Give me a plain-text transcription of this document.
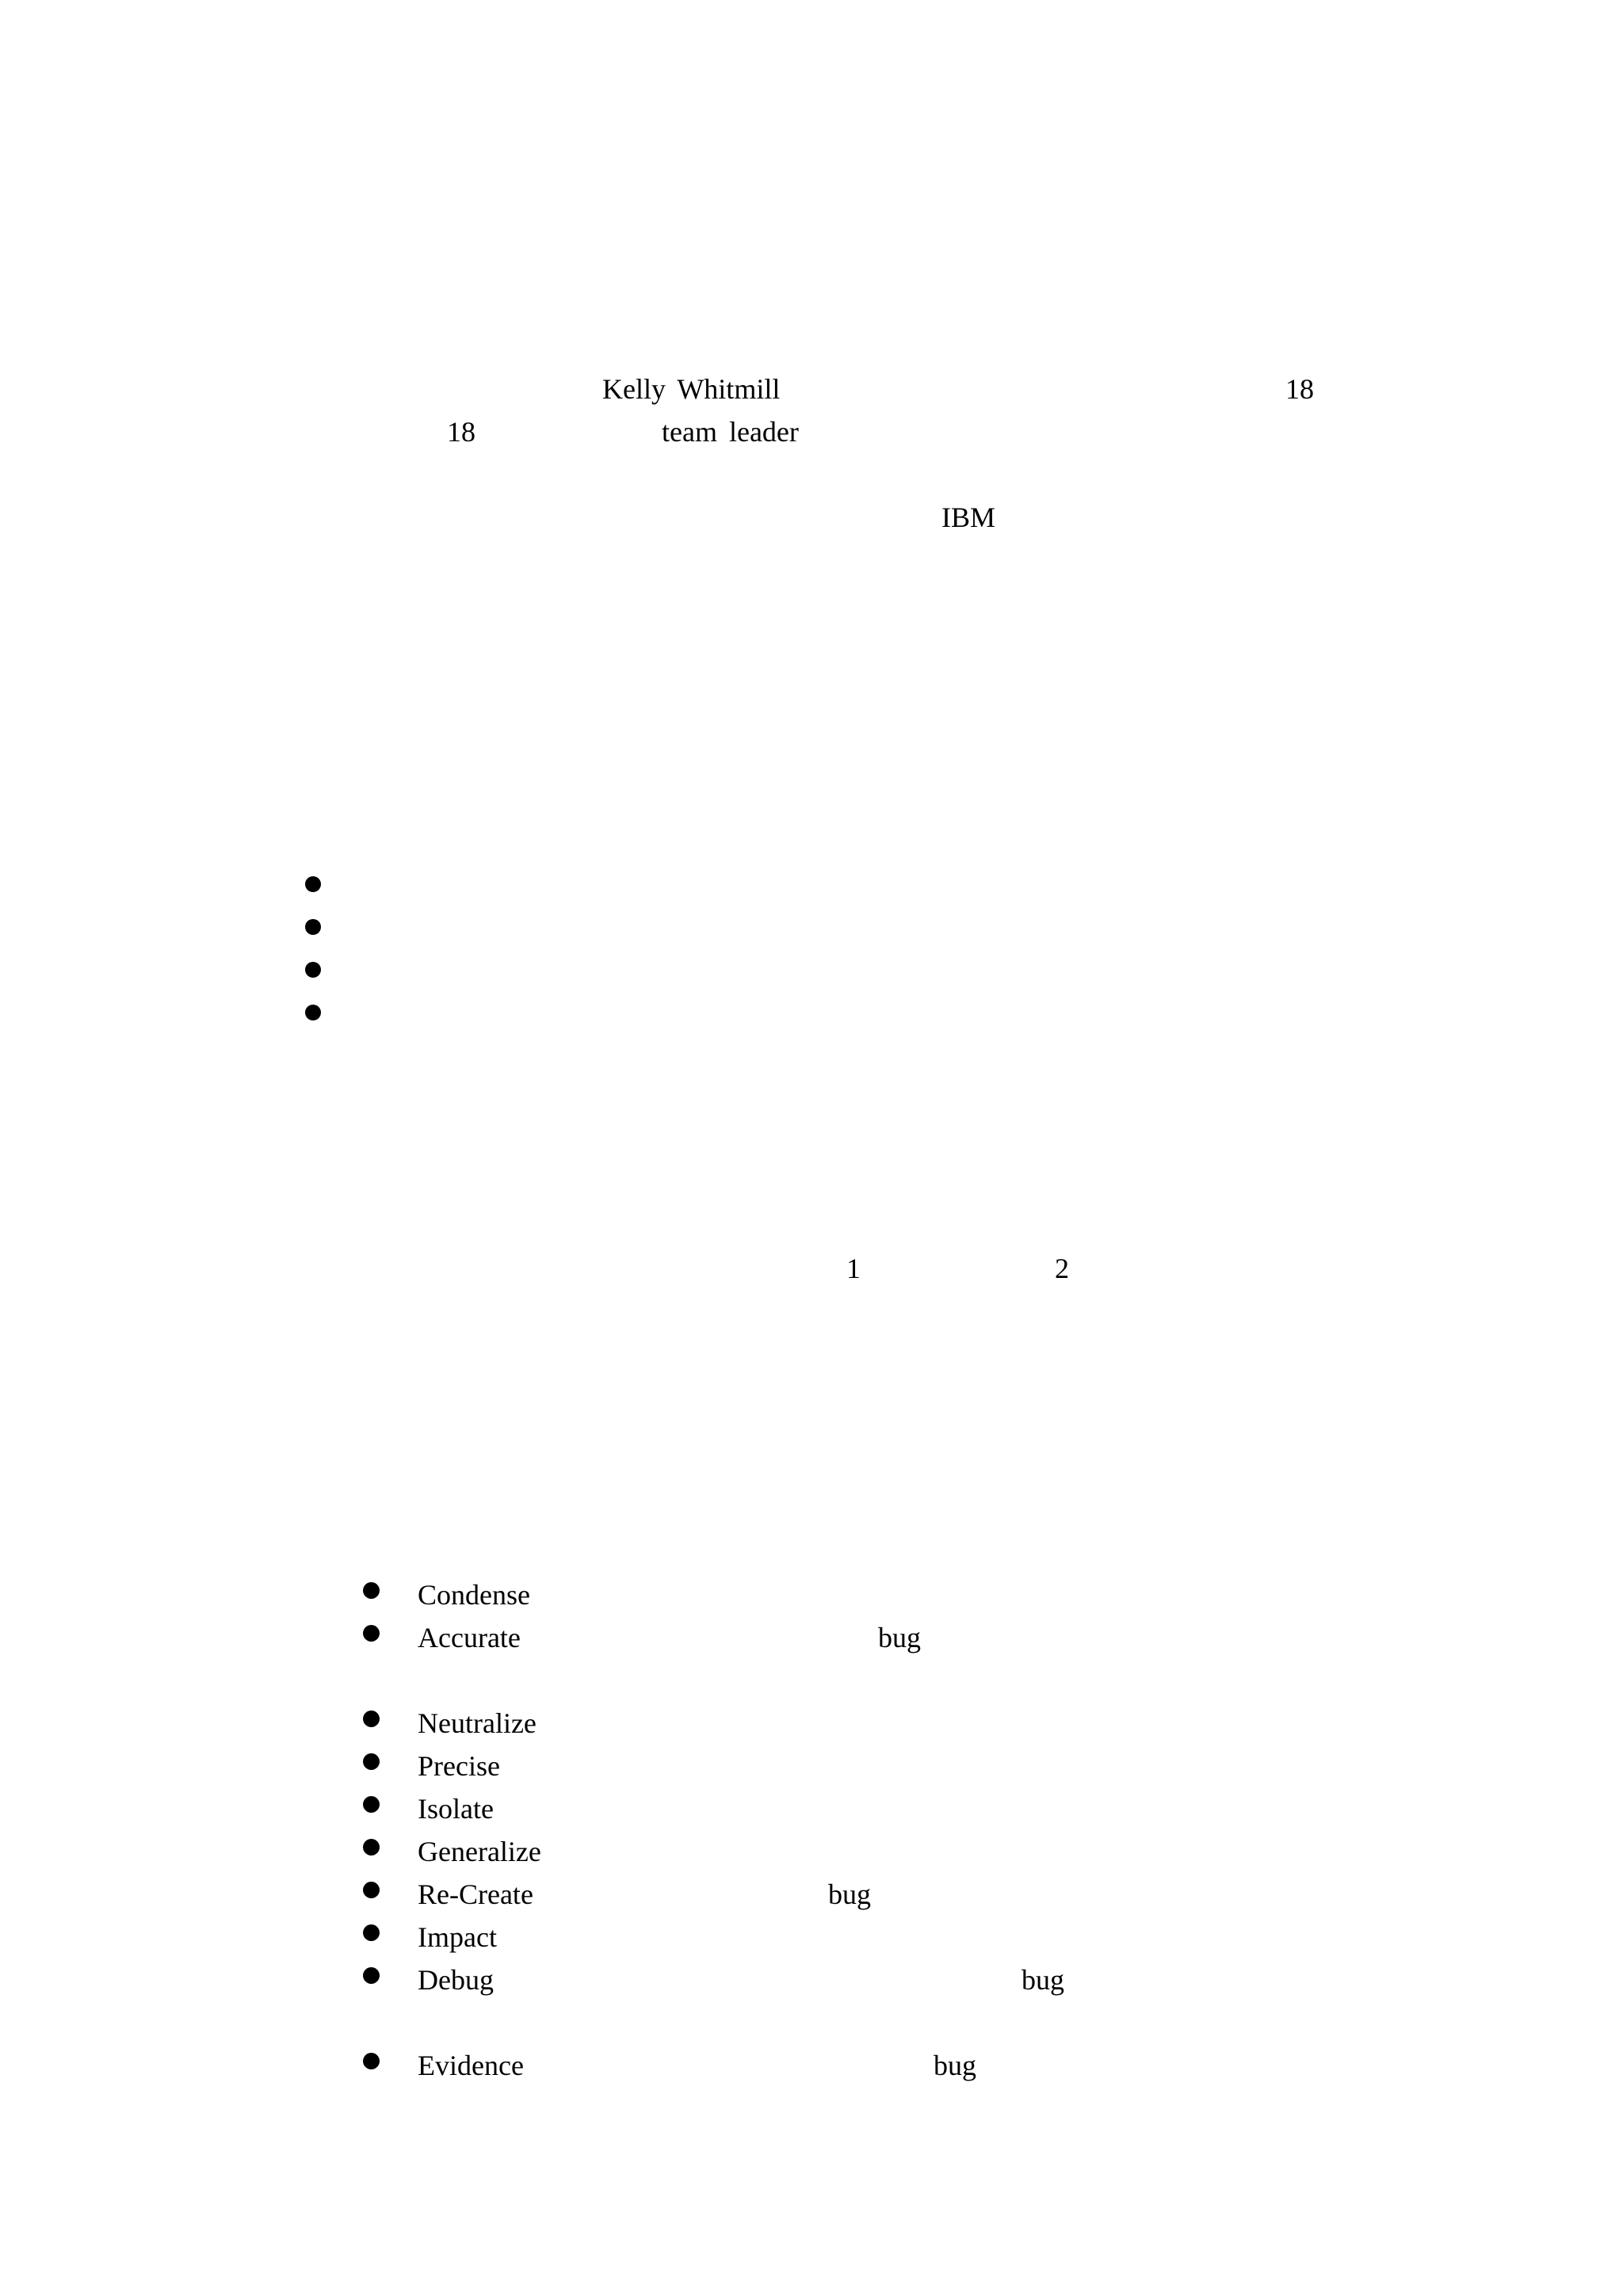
Kelly Whitmill	18
18	team leader
IBM
1	2
Condense
Accurate	bug
Neutralize
Precise
Isolate
Generalize
Re-Create	bug
Impact
Debug	bug
Evidence	bug
